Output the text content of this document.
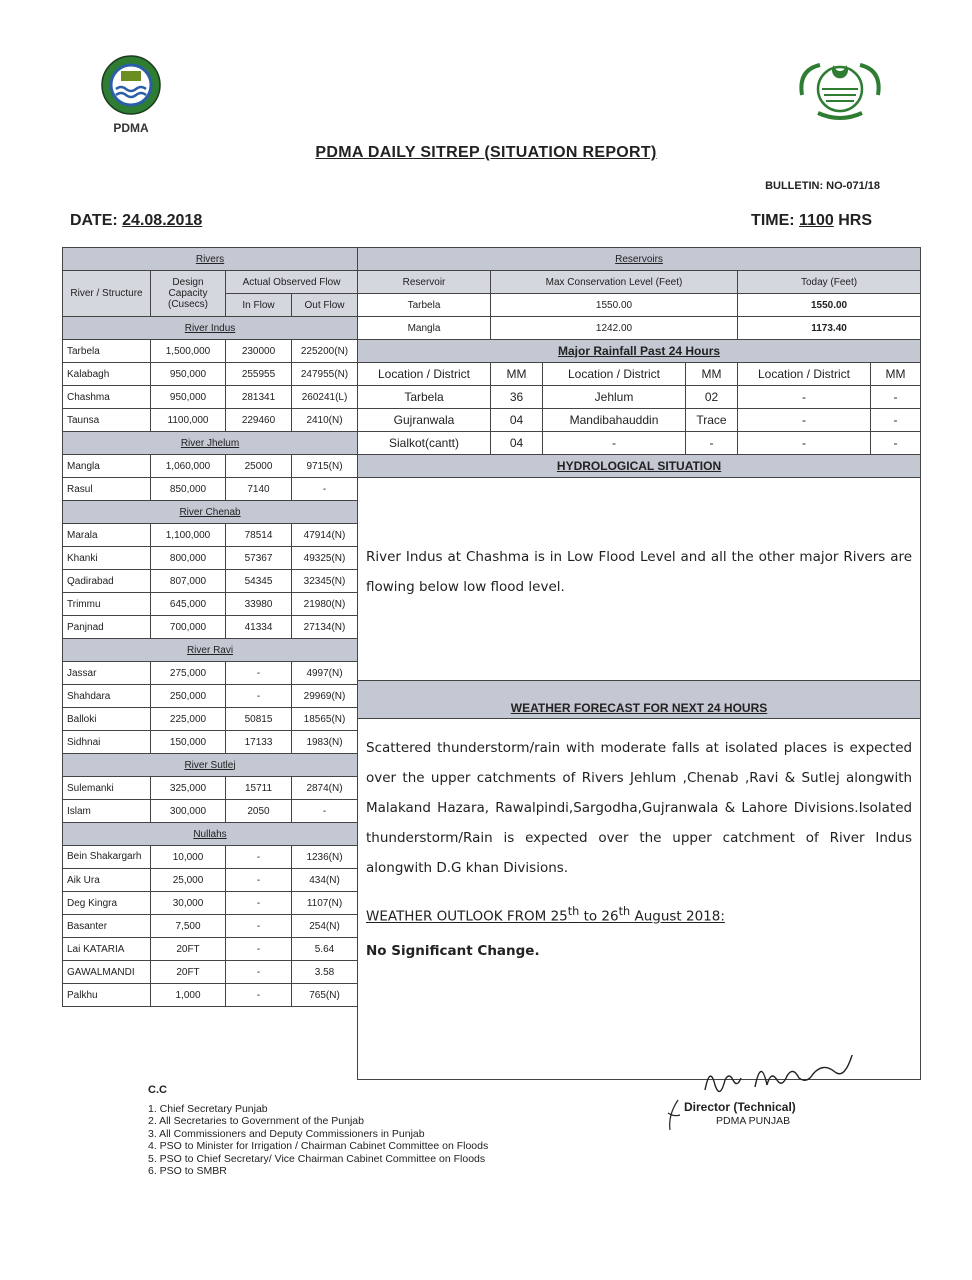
PDMA
PDMA DAILY SITREP (SITUATION REPORT)
BULLETIN: NO-071/18
DATE: 24.08.2018	TIME: 1100 HRS
Rivers			
River / Structure	Design Capacity (Cusecs)	Actual Observed Flow	
		In Flow	Out Flow

River Indus			
Tarbela	1,500,000	230000	225200(N)
Kalabagh	950,000	255955	247955(N)
Chashma	950,000	281341	260241(L)
Taunsa	1100,000	229460	2410(N)
River Jhelum			
Mangla	1,060,000	25000	9715(N)
Rasul	850,000	7140	-
River Chenab			
Marala	1,100,000	78514	47914(N)
Khanki	800,000	57367	49325(N)
Qadirabad	807,000	54345	32345(N)
Trimmu	645,000	33980	21980(N)
Panjnad	700,000	41334	27134(N)
River Ravi			
Jassar	275,000	-	4997(N)
Shahdara	250,000	-	29969(N)
Balloki	225,000	50815	18565(N)
Sidhnai	150,000	17133	1983(N)
River Sutlej			
Sulemanki	325,000	15711	2874(N)
Islam	300,000	2050	-
Nullahs			
Bein Shakargarh	10,000	-	1236(N)
Aik Ura	25,000	-	434(N)
Deg Kingra	30,000	-	1107(N)
Basanter	7,500	-	254(N)
Lai KATARIA	20FT	-	5.64
GAWALMANDI	20FT	-	3.58
Palkhu	1,000	-	765(N)
Reservoirs					
Reservoir	Max Conservation Level (Feet)			Today (Feet)	
Tarbela	1550.00			1550.00	
Mangla	1242.00			1173.40	
Major Rainfall Past 24 Hours					
Location / District	MM	Location / District	MM	Location / District	MM
Tarbela	36	Jehlum	02	-	-
Gujranwala	04	Mandibahauddin	Trace	-	-
Sialkot(cantt)	04	-	-	-	-
HYDROLOGICAL SITUATION					
River Indus at Chashma is in Low Flood Level and all the other major Rivers are flowing below low flood level.					
WEATHER FORECAST FOR NEXT 24 HOURS					

Scattered thunderstorm/rain with moderate falls at isolated places is expected over the upper catchments of Rivers Jehlum ,Chenab ,Ravi & Sutlej alongwith Malakand Hazara, Rawalpindi,Sargodha,Gujranwala & Lahore Divisions.Isolated thunderstorm/Rain is expected over the upper catchment of River Indus alongwith D.G khan Divisions.
WEATHER OUTLOOK FROM 25th to 26th August 2018:
No Significant Change.					
C.C
1. Chief Secretary Punjab
2. All Secretaries to Government of the Punjab
3. All Commissioners and Deputy Commissioners in Punjab
4. PSO to Minister for Irrigation / Chairman Cabinet Committee on Floods
5. PSO to Chief Secretary/ Vice Chairman Cabinet Committee on Floods
6. PSO to SMBR
Director (Technical)
PDMA PUNJAB
